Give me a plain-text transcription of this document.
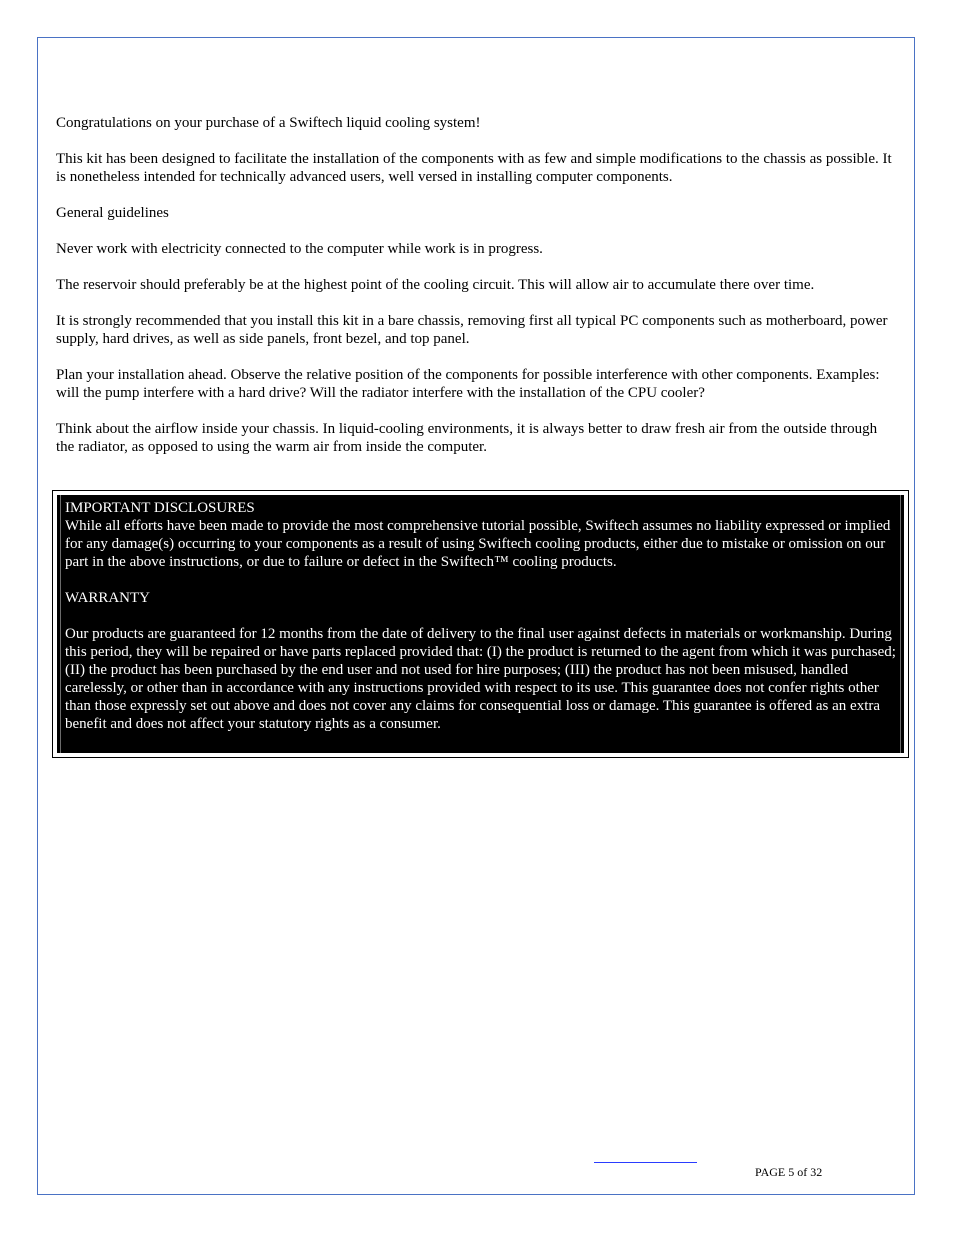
Congratulations on your purchase of a Swiftech liquid cooling system!

This kit has been designed to facilitate the installation of the components with as few and simple modifications to the chassis as possible. It is nonetheless intended for technically advanced users, well versed in installing computer components.

General guidelines

Never work with electricity connected to the computer while work is in progress.

The reservoir should preferably be at the highest point of the cooling circuit. This will allow air to accumulate there over time.

It is strongly recommended that you install this kit in a bare chassis, removing first all typical PC components such as motherboard, power supply, hard drives, as well as side panels, front bezel, and top panel.

Plan your installation ahead. Observe the relative position of the components for possible interference with other components. Examples: will the pump interfere with a hard drive? Will the radiator interfere with the installation of the CPU cooler?

Think about the airflow inside your chassis. In liquid-cooling environments, it is always better to draw fresh air from the outside through the radiator, as opposed to using the warm air from inside the computer.

IMPORTANT DISCLOSURES

While all efforts have been made to provide the most comprehensive tutorial possible, Swiftech assumes no liability expressed or implied for any damage(s) occurring to your components as a result of using Swiftech cooling products, either due to mistake or omission on our part in the above instructions, or due to failure or defect in the Swiftech™ cooling products.

WARRANTY

Our products are guaranteed for 12 months from the date of delivery to the final user against defects in materials or workmanship. During this period, they will be repaired or have parts replaced provided that: (I) the product is returned to the agent from which it was purchased; (II) the product has been purchased by the end user and not used for hire purposes; (III) the product has not been misused, handled carelessly, or other than in accordance with any instructions provided with respect to its use. This guarantee does not confer rights other than those expressly set out above and does not cover any claims for consequential loss or damage. This guarantee is offered as an extra benefit and does not affect your statutory rights as a consumer.

PAGE 5 of 32
